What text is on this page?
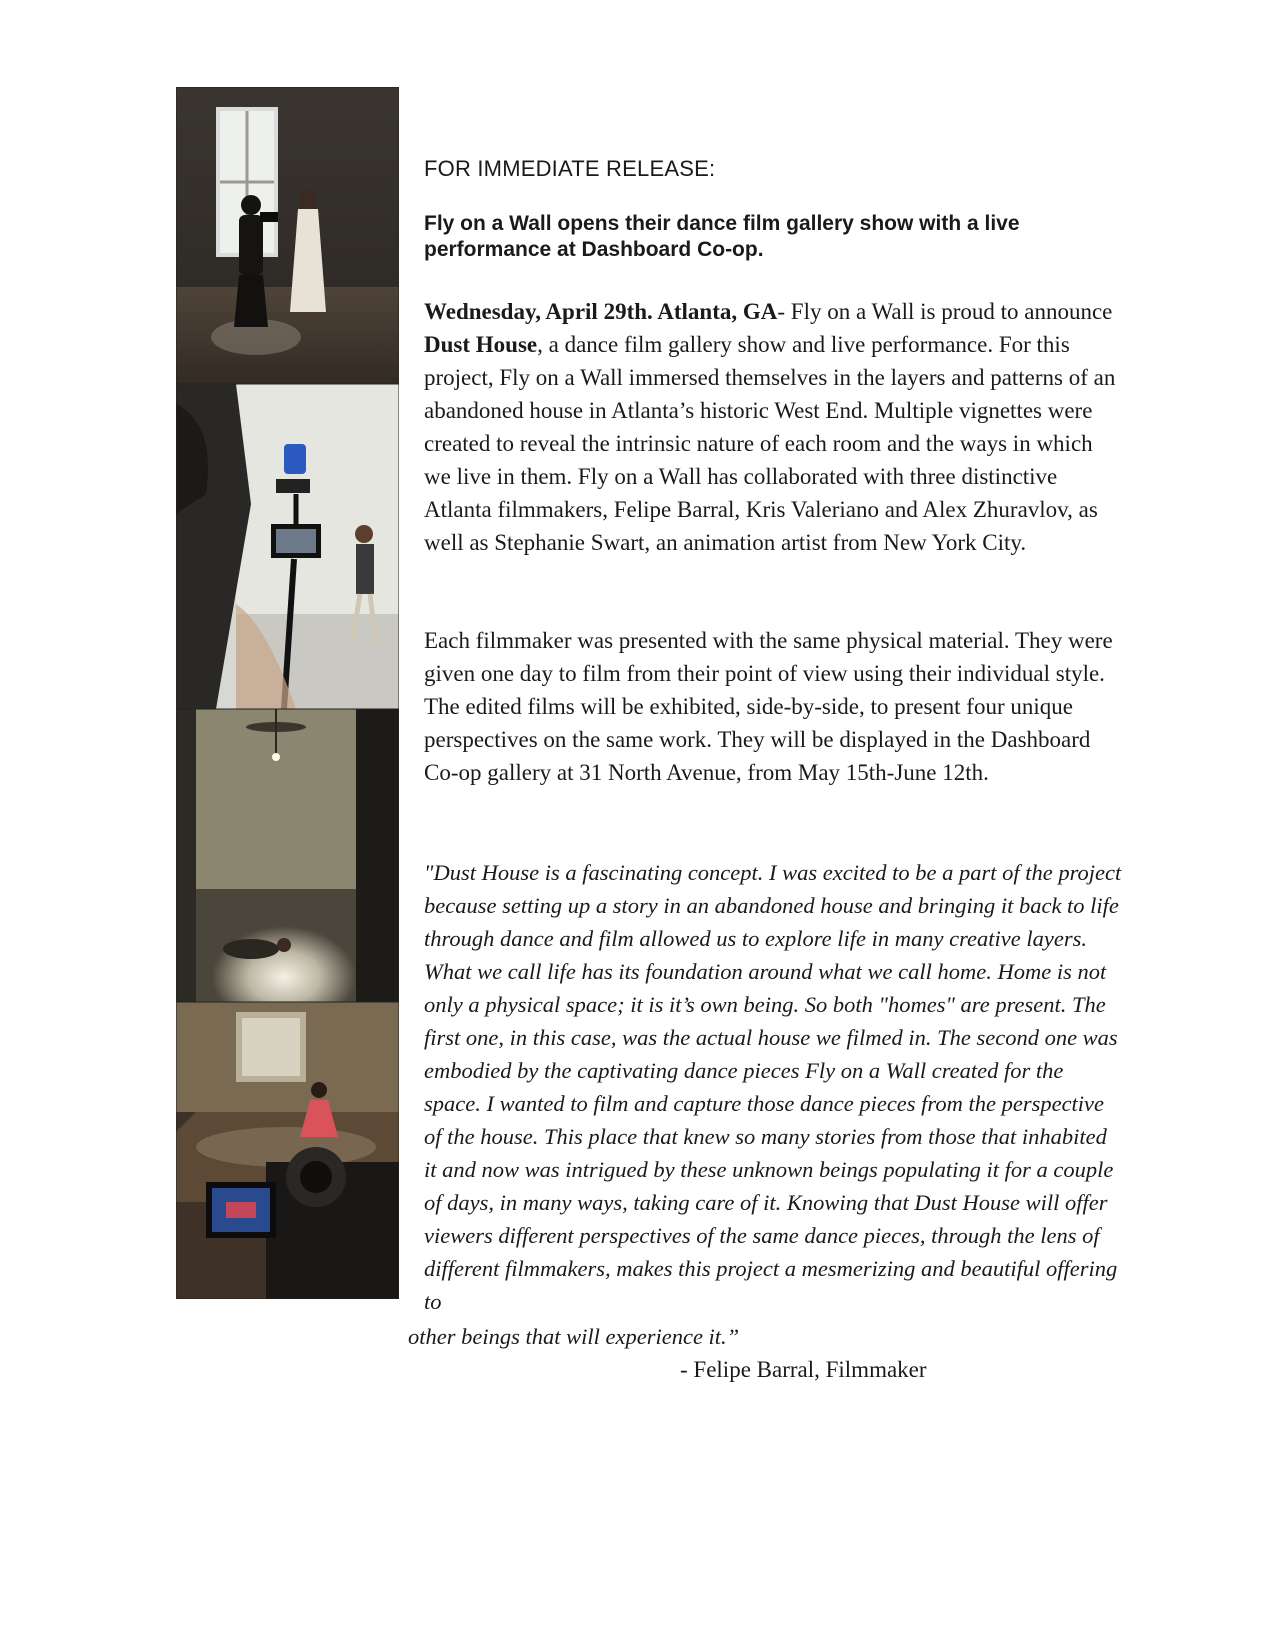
FOR IMMEDIATE RELEASE:
Fly on a Wall opens their dance film gallery show with a live performance at Dashboard Co-op.

Wednesday, April 29th. Atlanta, GA- Fly on a Wall is proud to announce Dust House, a dance film gallery show and live performance. For this project, Fly on a Wall immersed themselves in the layers and patterns of an abandoned house in Atlanta’s historic West End. Multiple vignettes were created to reveal the intrinsic nature of each room and the ways in which we live in them. Fly on a Wall has collaborated with three distinctive Atlanta filmmakers, Felipe Barral, Kris Valeriano and Alex Zhuravlov, as well as Stephanie Swart, an animation artist from New York City.

Each filmmaker was presented with the same physical material. They were given one day to film from their point of view using their individual style. The edited films will be exhibited, side-by-side, to present four unique perspectives on the same work. They will be displayed in the Dashboard Co-op gallery at 31 North Avenue, from May 15th-June 12th.

"Dust House is a fascinating concept. I was excited to be a part of the project because setting up a story in an abandoned house and bringing it back to life through dance and film allowed us to explore life in many creative layers. What we call life has its foundation around what we call home. Home is not only a physical space; it is it’s own being. So both "homes" are present. The first one, in this case, was the actual house we filmed in. The second one was embodied by the captivating dance pieces Fly on a Wall created for the space. I wanted to film and capture those dance pieces from the perspective of the house. This place that knew so many stories from those that inhabited it and now was intrigued by these unknown beings populating it for a couple of days, in many ways, taking care of it. Knowing that Dust House will offer viewers different perspectives of the same dance pieces, through the lens of different filmmakers, makes this project a mesmerizing and beautiful offering to

other beings that will experience it.”

- Felipe Barral, Filmmaker
